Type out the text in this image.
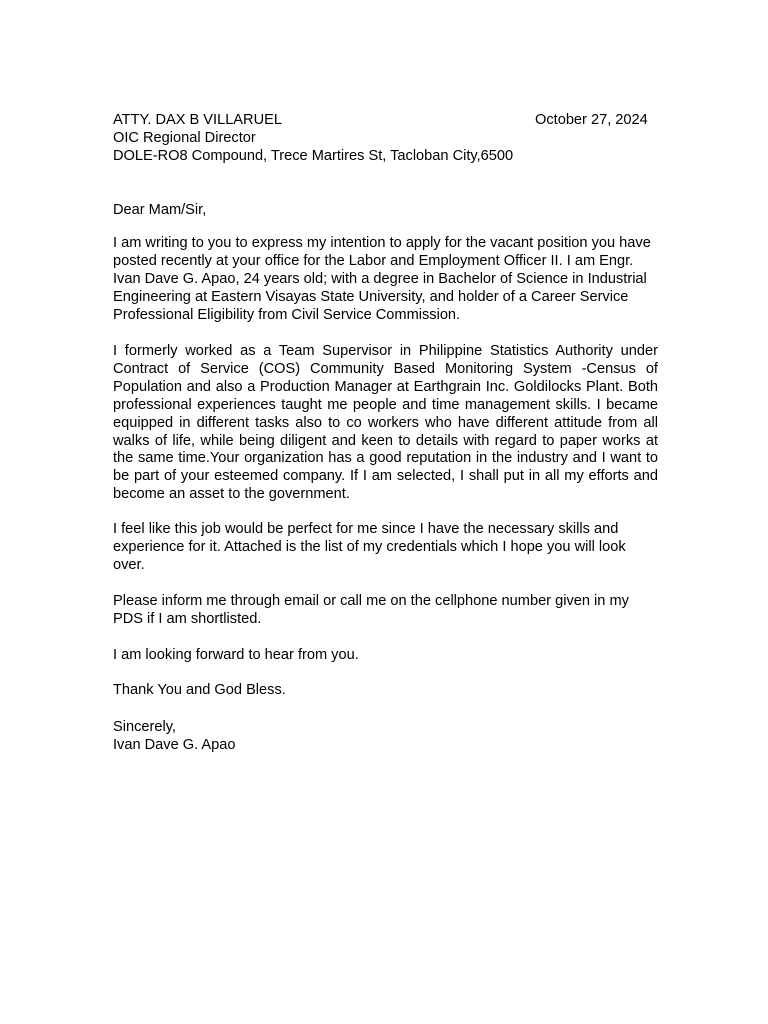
ATTY. DAX B VILLARUEL	October 27, 2024
OIC Regional Director
DOLE-RO8 Compound, Trece Martires St, Tacloban City,6500
Dear Mam/Sir,

I am writing to you to express my intention to apply for the vacant position you have posted recently at your office for the Labor and Employment Officer II. I am Engr. Ivan Dave G. Apao, 24 years old; with a degree in Bachelor of Science in Industrial Engineering at Eastern Visayas State University, and holder of a Career Service Professional Eligibility from Civil Service Commission.

I formerly worked as a Team Supervisor in Philippine Statistics Authority under Contract of Service (COS) Community Based Monitoring System -Census of Population and also a Production Manager at Earthgrain Inc. Goldilocks Plant. Both professional experiences taught me people and time management skills. I became equipped in different tasks also to co workers who have different attitude from all walks of life, while being diligent and keen to details with regard to paper works at the same time.Your organization has a good reputation in the industry and I want to be part of your esteemed company. If I am selected, I shall put in all my efforts and become an asset to the government.

I feel like this job would be perfect for me since I have the necessary skills and experience for it. Attached is the list of my credentials which I hope you will look over.

Please inform me through email or call me on the cellphone number given in my PDS if I am shortlisted.

I am looking forward to hear from you.

Thank You and God Bless.

Sincerely,
Ivan Dave G. Apao
